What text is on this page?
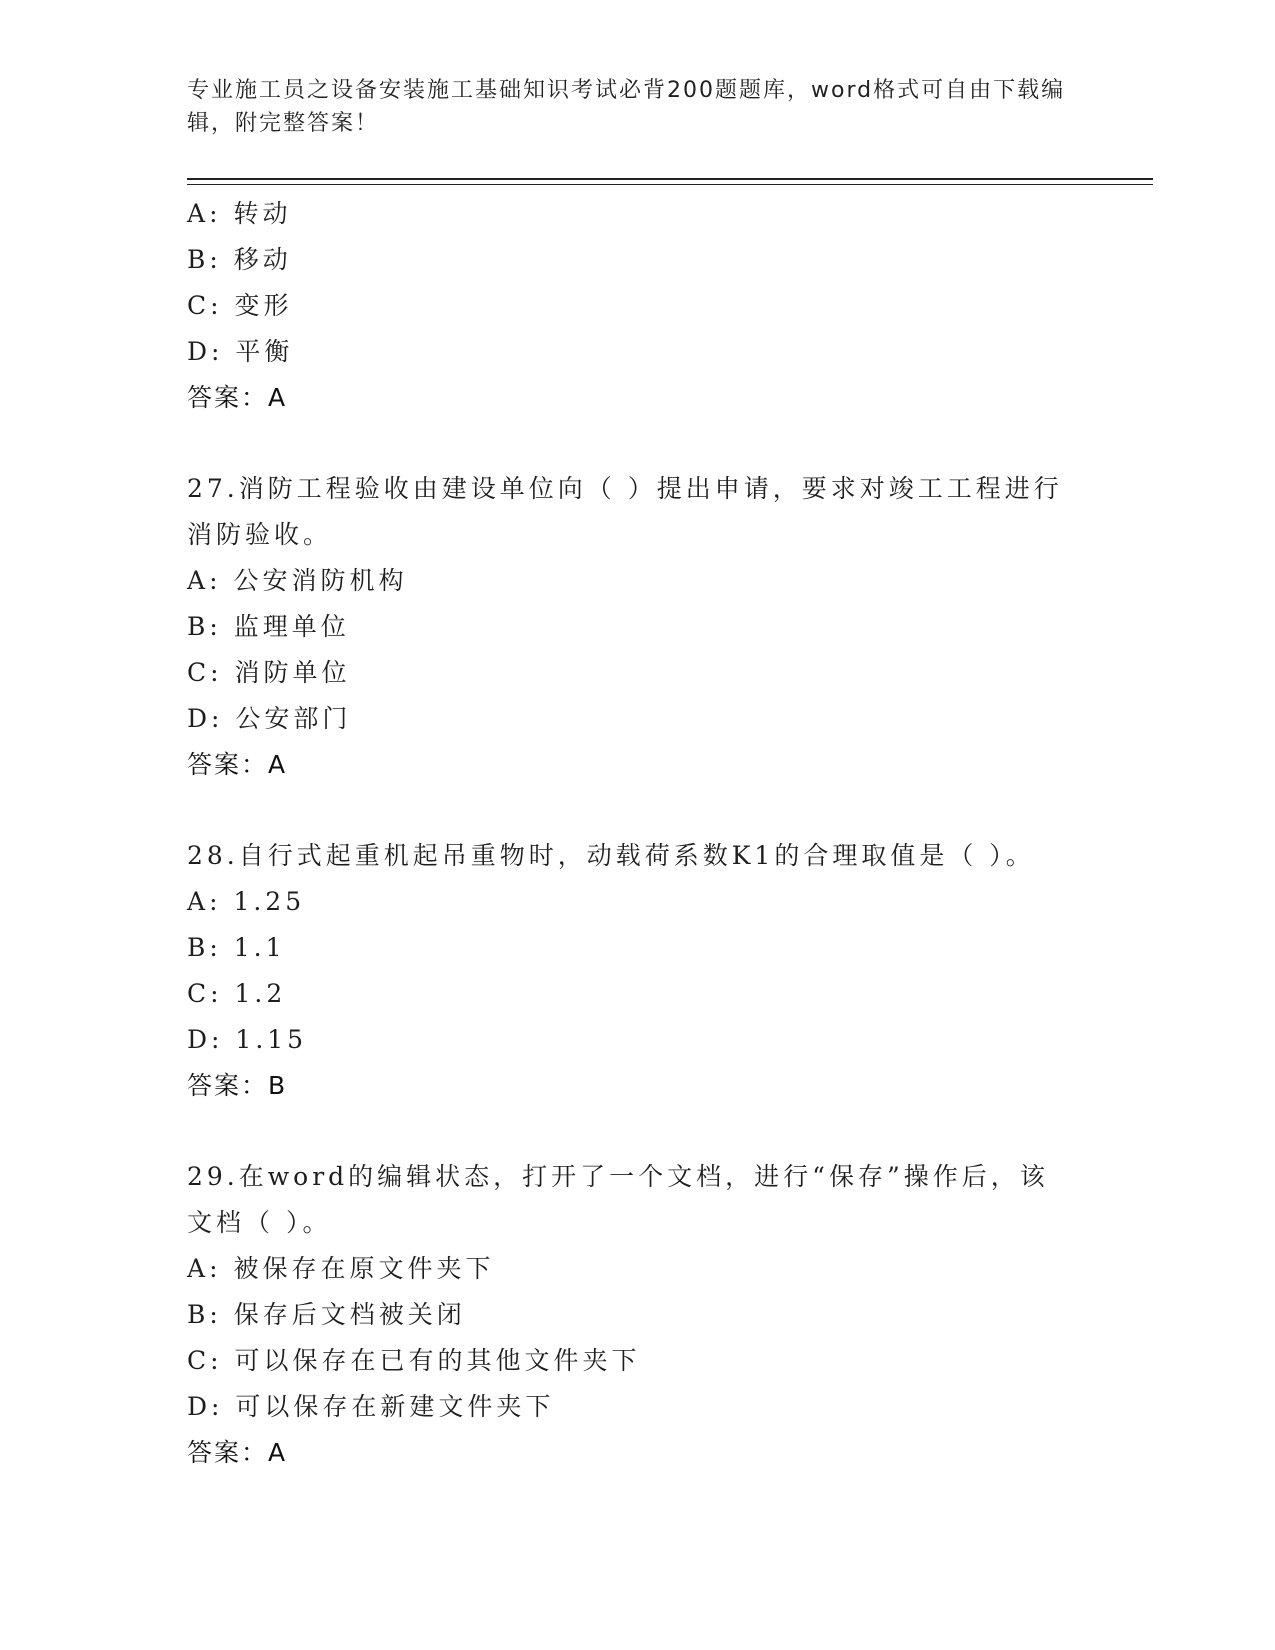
专业施工员之设备安装施工基础知识考试必背200题题库，word格式可自由下载编辑，附完整答案！
A: 转动
B: 移动
C: 变形
D: 平衡
答案：A
27.消防工程验收由建设单位向（ ）提出申请，要求对竣工工程进行消防验收。
A: 公安消防机构
B: 监理单位
C: 消防单位
D: 公安部门
答案：A
28.自行式起重机起吊重物时，动载荷系数K1的合理取值是（ ）。
A: 1.25
B: 1.1
C: 1.2
D: 1.15
答案：B
29.在word的编辑状态，打开了一个文档，进行“保存”操作后，该文档（ ）。
A: 被保存在原文件夹下
B: 保存后文档被关闭
C: 可以保存在已有的其他文件夹下
D: 可以保存在新建文件夹下
答案：A
